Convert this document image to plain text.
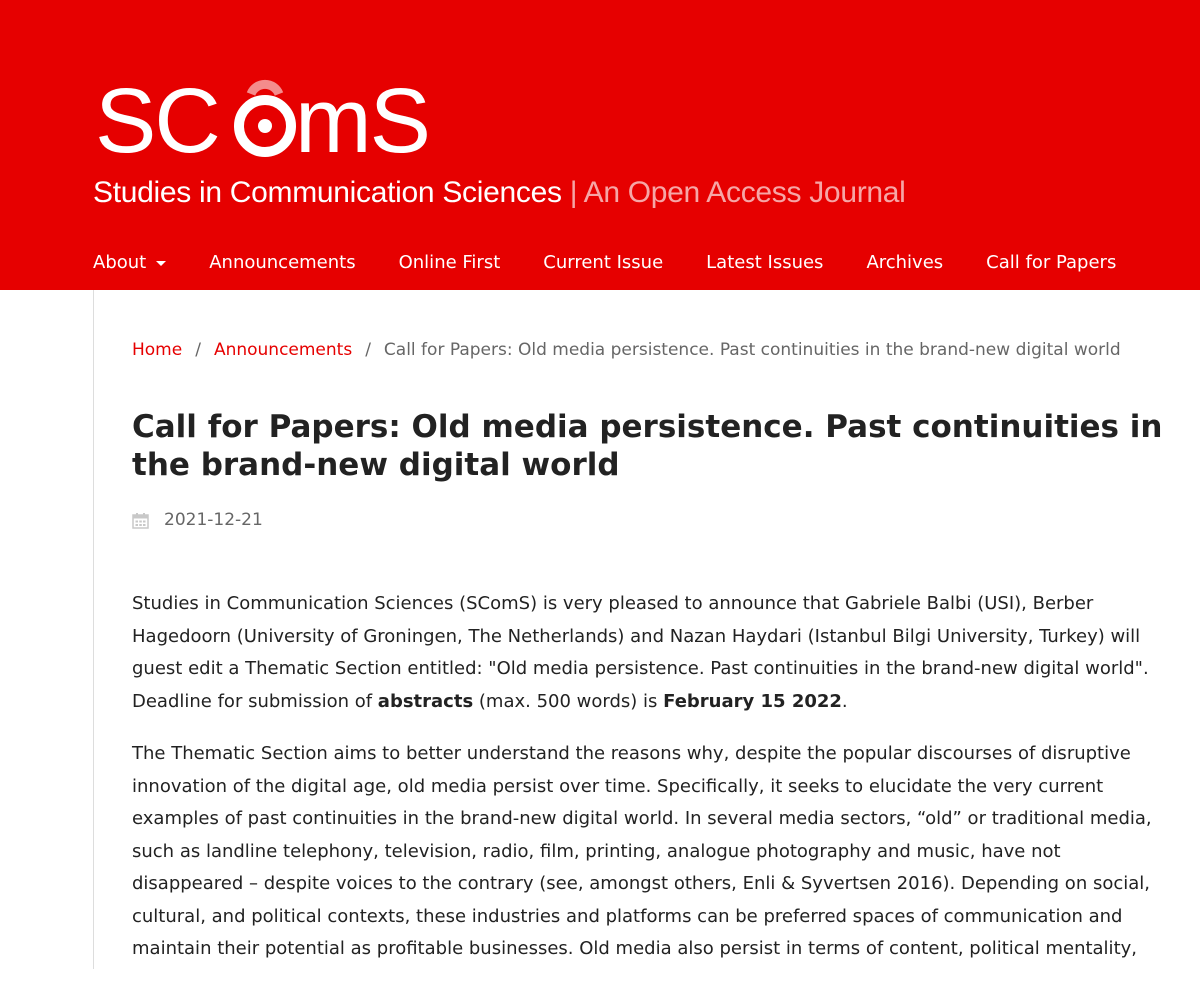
SC mS
Studies in Communication Sciences | An Open Access Journal
About	Announcements Online First Current Issue Latest Issues Archives Call for Papers
Home / Announcements / Call for Papers: Old media persistence. Past continuities in the brand-new digital world
Call for Papers: Old media persistence. Past continuities in the brand-new digital world
2021-12-21

Studies in Communication Sciences (SComS) is very pleased to announce that Gabriele Balbi (USI), Berber Hagedoorn (University of Groningen, The Netherlands) and Nazan Haydari (Istanbul Bilgi University, Turkey) will guest edit a Thematic Section entitled: "Old media persistence. Past continuities in the brand-new digital world". Deadline for submission of abstracts (max. 500 words) is February 15 2022.

The Thematic Section aims to better understand the reasons why, despite the popular discourses of disruptive innovation of the digital age, old media persist over time. Specifically, it seeks to elucidate the very current examples of past continuities in the brand-new digital world. In several media sectors, “old” or traditional media, such as landline telephony, television, radio, film, printing, analogue photography and music, have not disappeared – despite voices to the contrary (see, amongst others, Enli & Syvertsen 2016). Depending on social, cultural, and political contexts, these industries and platforms can be preferred spaces of communication and maintain their potential as profitable businesses. Old media also persist in terms of content, political mentality,
